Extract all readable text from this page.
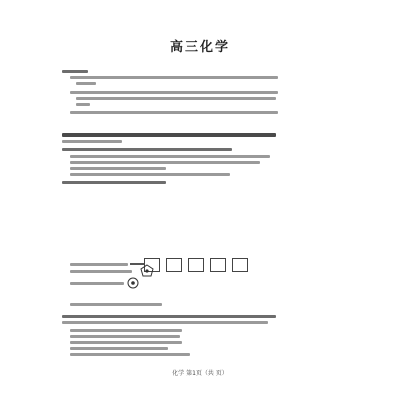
高三化学
化学 第1页（共 页）
